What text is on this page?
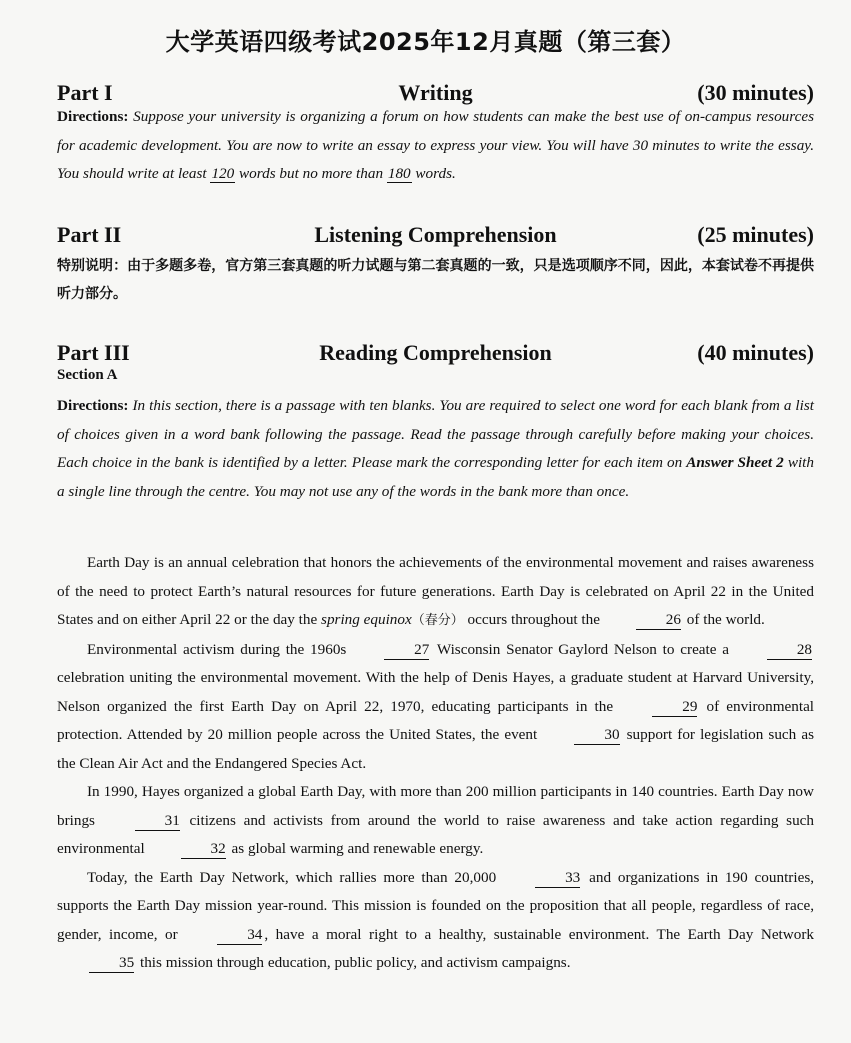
大学英语四级考试2025年12月真题（第三套）
Part I	Writing	(30 minutes)
Directions: Suppose your university is organizing a forum on how students can make the best use of on-campus resources for academic development. You are now to write an essay to express your view. You will have 30 minutes to write the essay. You should write at least 120 words but no more than 180 words.
Part II	Listening Comprehension	(25 minutes)
特别说明：由于多题多卷，官方第三套真题的听力试题与第二套真题的一致，只是选项顺序不同，因此，本套试卷不再提供听力部分。
Part III	Reading Comprehension	(40 minutes)
Section A
Directions: In this section, there is a passage with ten blanks. You are required to select one word for each blank from a list of choices given in a word bank following the passage. Read the passage through carefully before making your choices. Each choice in the bank is identified by a letter. Please mark the corresponding letter for each item on Answer Sheet 2 with a single line through the centre. You may not use any of the words in the bank more than once.

Earth Day is an annual celebration that honors the achievements of the environmental movement and raises awareness of the need to protect Earth’s natural resources for future generations. Earth Day is celebrated on April 22 in the United States and on either April 22 or the day the spring equinox（春分） occurs throughout the	26 of the world.

Environmental activism during the 1960s	27 Wisconsin Senator Gaylord Nelson to create a	28 celebration uniting the environmental movement. With the help of Denis Hayes, a graduate student at Harvard University, Nelson organized the first Earth Day on April 22, 1970, educating participants in the	29 of environmental protection. Attended by 20 million people across the United States, the event	30 support for legislation such as the Clean Air Act and the Endangered Species Act.

In 1990, Hayes organized a global Earth Day, with more than 200 million participants in 140 countries. Earth Day now brings	31 citizens and activists from around the world to raise awareness and take action regarding such environmental	32 as global warming and renewable energy.

Today, the Earth Day Network, which rallies more than 20,000	33 and organizations in 190 countries, supports the Earth Day mission year-round. This mission is founded on the proposition that all people, regardless of race, gender, income, or	34 , have a moral right to a healthy, sustainable environment. The Earth Day Network 35 this mission through education, public policy, and activism campaigns.
